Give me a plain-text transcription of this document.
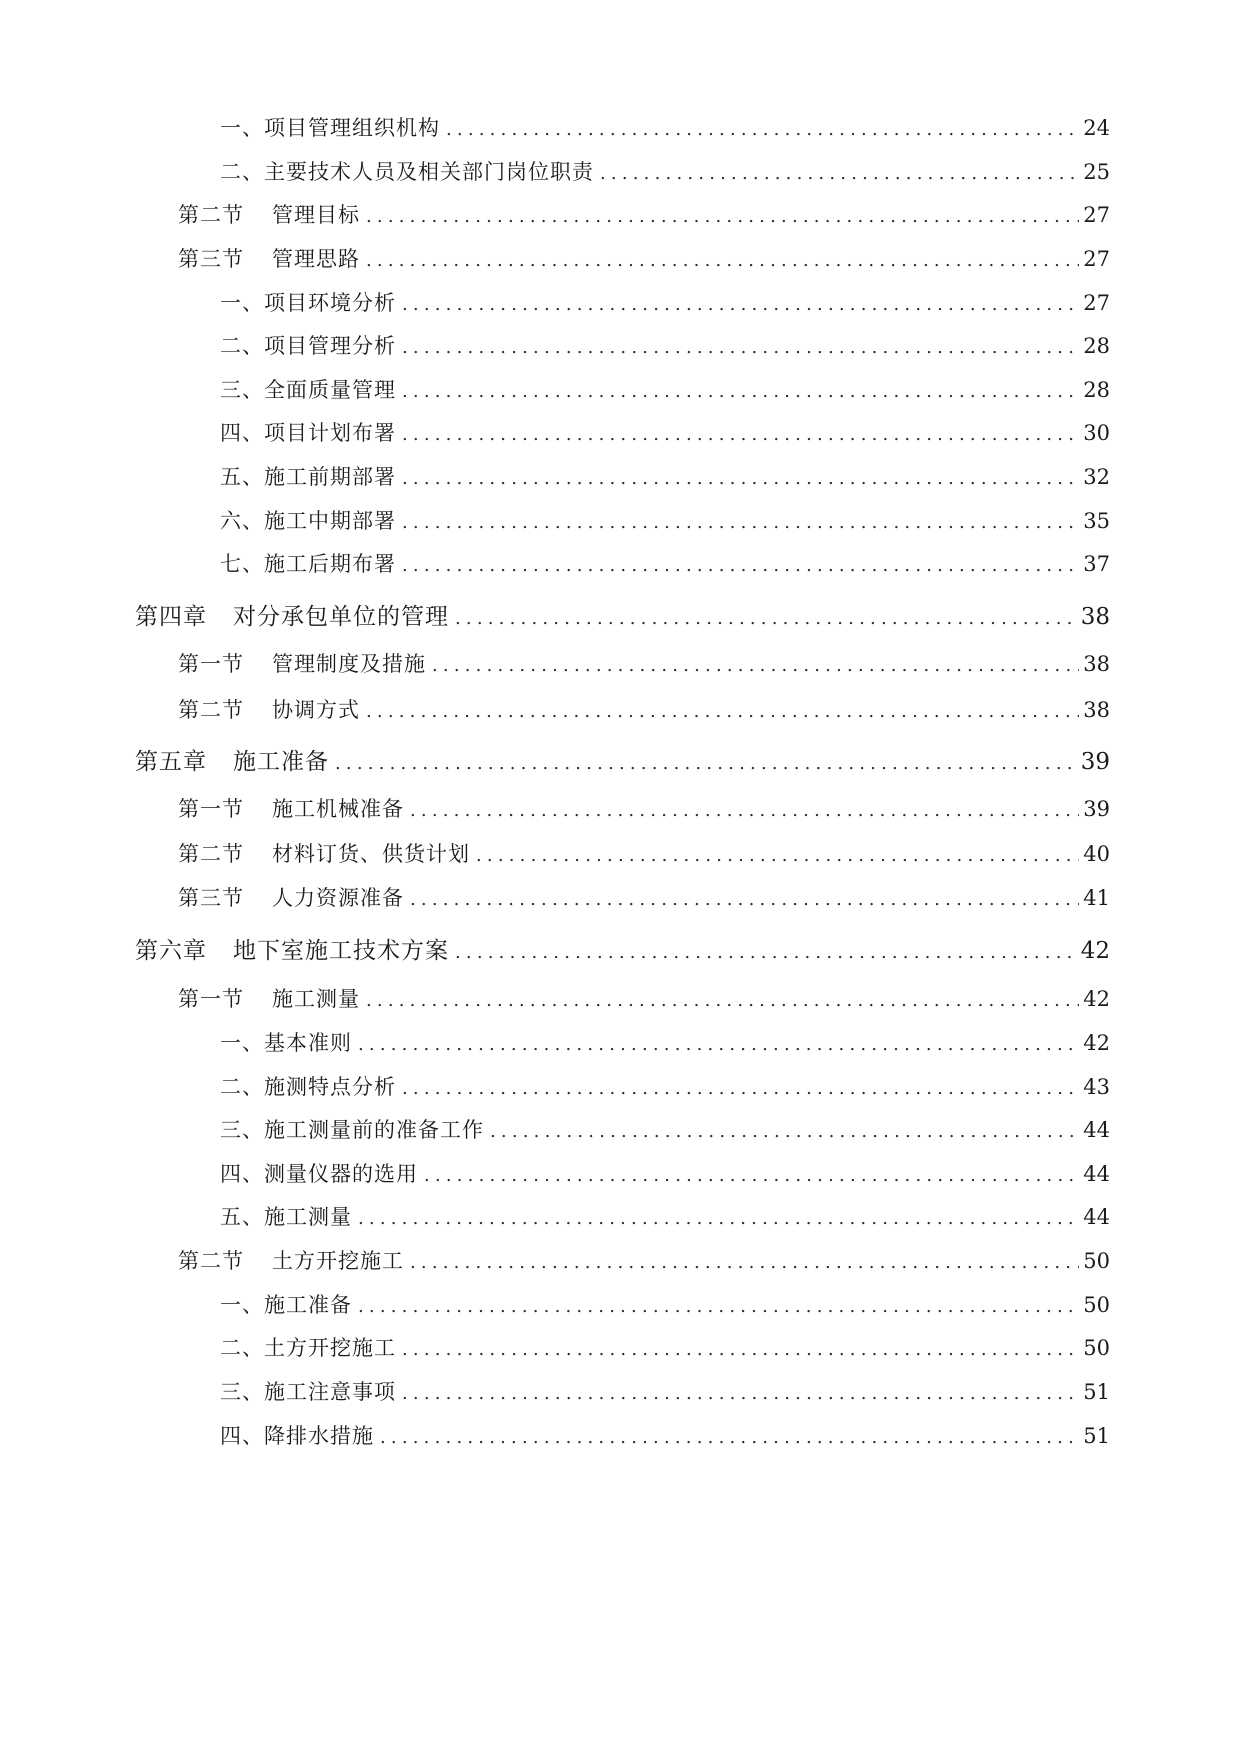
一、项目管理组织机构 .....	24
二、主要技术人员及相关部门岗位职责 .....	25
第二节 管理目标 .....	27
第三节 管理思路 .....	27
一、项目环境分析 .....	27
二、项目管理分析 .....	28
三、全面质量管理 .....	28
四、项目计划布署 .....	30
五、施工前期部署 .....	32
六、施工中期部署 .....	35
七、施工后期布署 .....	37
第四章 对分承包单位的管理 .....	38
第一节 管理制度及措施 .....	38
第二节 协调方式 .....	38
第五章 施工准备 .....	39
第一节 施工机械准备 .....	39
第二节 材料订货、供货计划 .....	40
第三节 人力资源准备 .....	41
第六章 地下室施工技术方案 .....	42
第一节 施工测量 .....	42
一、基本准则 .....	42
二、施测特点分析 .....	43
三、施工测量前的准备工作 .....	44
四、测量仪器的选用 .....	44
五、施工测量 .....	44
第二节 土方开挖施工 .....	50
一、施工准备 .....	50
二、土方开挖施工 .....	50
三、施工注意事项 .....	51
四、降排水措施 .....	51
